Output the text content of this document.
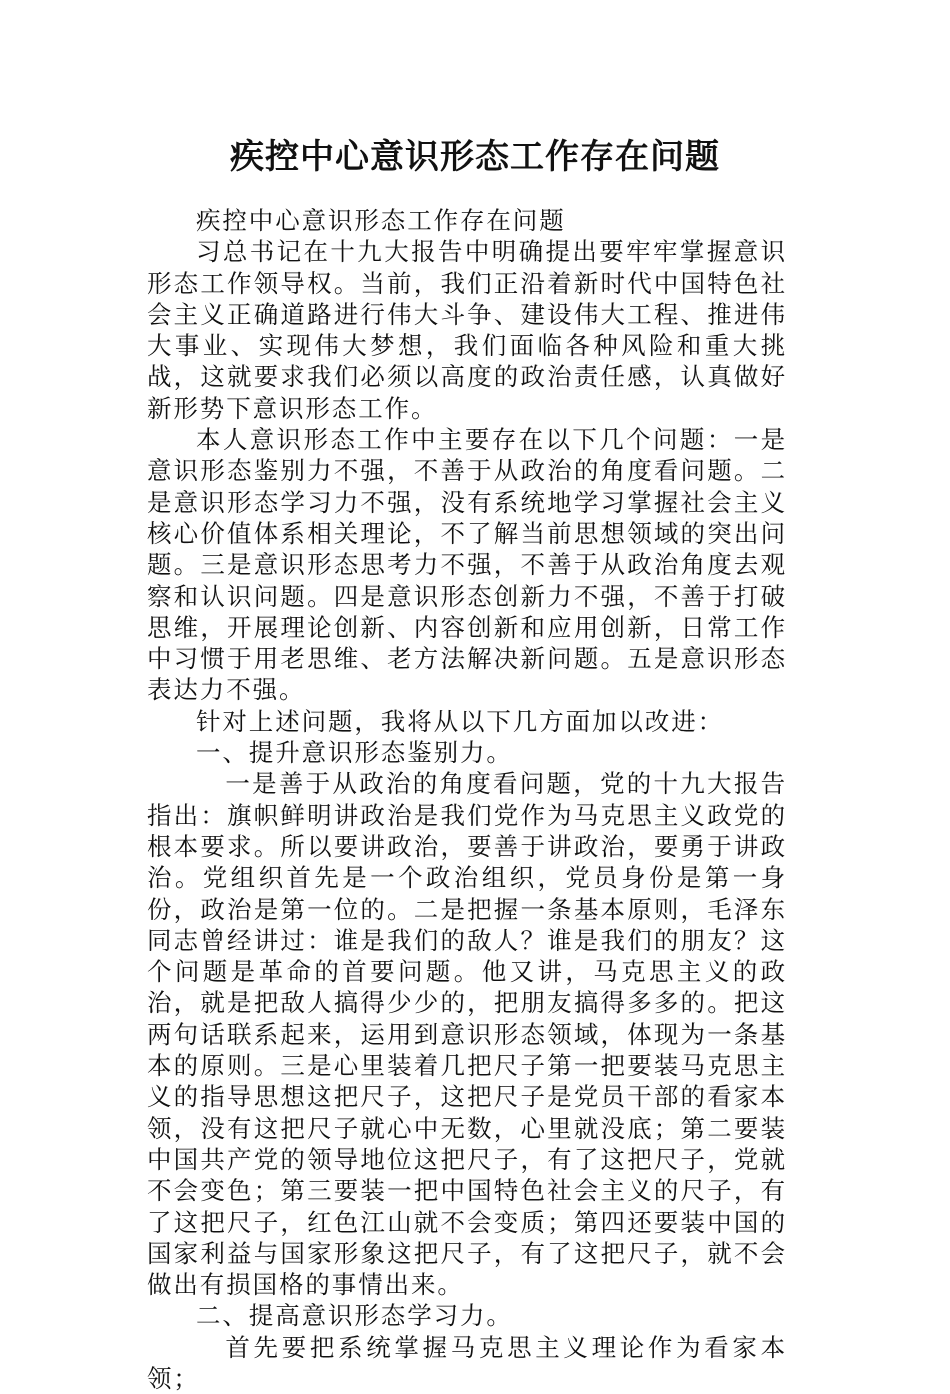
疾控中心意识形态工作存在问题

疾控中心意识形态工作存在问题

习总书记在十九大报告中明确提出要牢牢掌握意识形态工作领导权。当前，我们正沿着新时代中国特色社会主义正确道路进行伟大斗争、建设伟大工程、推进伟大事业、实现伟大梦想，我们面临各种风险和重大挑战，这就要求我们必须以高度的政治责任感，认真做好新形势下意识形态工作。

本人意识形态工作中主要存在以下几个问题：一是意识形态鉴别力不强，不善于从政治的角度看问题。二是意识形态学习力不强，没有系统地学习掌握社会主义核心价值体系相关理论，不了解当前思想领域的突出问题。三是意识形态思考力不强，不善于从政治角度去观察和认识问题。四是意识形态创新力不强，不善于打破思维，开展理论创新、内容创新和应用创新，日常工作中习惯于用老思维、老方法解决新问题。五是意识形态表达力不强。

针对上述问题，我将从以下几方面加以改进：

一、提升意识形态鉴别力。

一是善于从政治的角度看问题，党的十九大报告指出：旗帜鲜明讲政治是我们党作为马克思主义政党的根本要求。所以要讲政治，要善于讲政治，要勇于讲政治。党组织首先是一个政治组织，党员身份是第一身份，政治是第一位的。二是把握一条基本原则，毛泽东同志曾经讲过：谁是我们的敌人？谁是我们的朋友？这个问题是革命的首要问题。他又讲，马克思主义的政治，就是把敌人搞得少少的，把朋友搞得多多的。把这两句话联系起来，运用到意识形态领域，体现为一条基本的原则。三是心里装着几把尺子第一把要装马克思主义的指导思想这把尺子，这把尺子是党员干部的看家本领，没有这把尺子就心中无数，心里就没底；第二要装中国共产党的领导地位这把尺子，有了这把尺子，党就不会变色；第三要装一把中国特色社会主义的尺子，有了这把尺子，红色江山就不会变质；第四还要装中国的国家利益与国家形象这把尺子，有了这把尺子，就不会做出有损国格的事情出来。

二、提高意识形态学习力。

首先要把系统掌握马克思主义理论作为看家本领；
